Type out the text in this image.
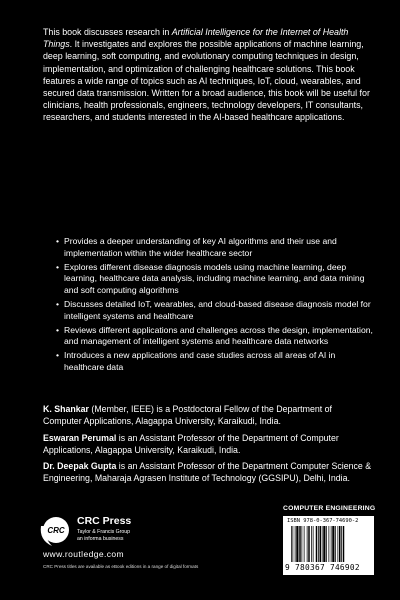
This book discusses research in Artificial Intelligence for the Internet of Health Things. It investigates and explores the possible applications of machine learning, deep learning, soft computing, and evolutionary computing techniques in design, implementation, and optimization of challenging healthcare solutions. This book features a wide range of topics such as AI techniques, IoT, cloud, wearables, and secured data transmission. Written for a broad audience, this book will be useful for clinicians, health professionals, engineers, technology developers, IT consultants, researchers, and students interested in the AI-based healthcare applications.

• Provides a deeper understanding of key AI algorithms and their use and implementation within the wider healthcare sector
• Explores different disease diagnosis models using machine learning, deep learning, healthcare data analysis, including machine learning, and data mining and soft computing algorithms
• Discusses detailed IoT, wearables, and cloud-based disease diagnosis model for intelligent systems and healthcare
• Reviews different applications and challenges across the design, implementation, and management of intelligent systems and healthcare data networks
• Introduces a new applications and case studies across all areas of AI in healthcare data

K. Shankar (Member, IEEE) is a Postdoctoral Fellow of the Department of Computer Applications, Alagappa University, Karaikudi, India.

Eswaran Perumal is an Assistant Professor of the Department of Computer Applications, Alagappa University, Karaikudi, India.

Dr. Deepak Gupta is an Assistant Professor of the Department Computer Science & Engineering, Maharaja Agrasen Institute of Technology (GGSIPU), Delhi, India.

CRC
CRC Press
Taylor & Francis Group
an informa business
www.routledge.com
CRC Press titles are available as eBook editions in a range of digital formats
COMPUTER ENGINEERING
ISBN 978-0-367-74690-2
9 780367 746902
